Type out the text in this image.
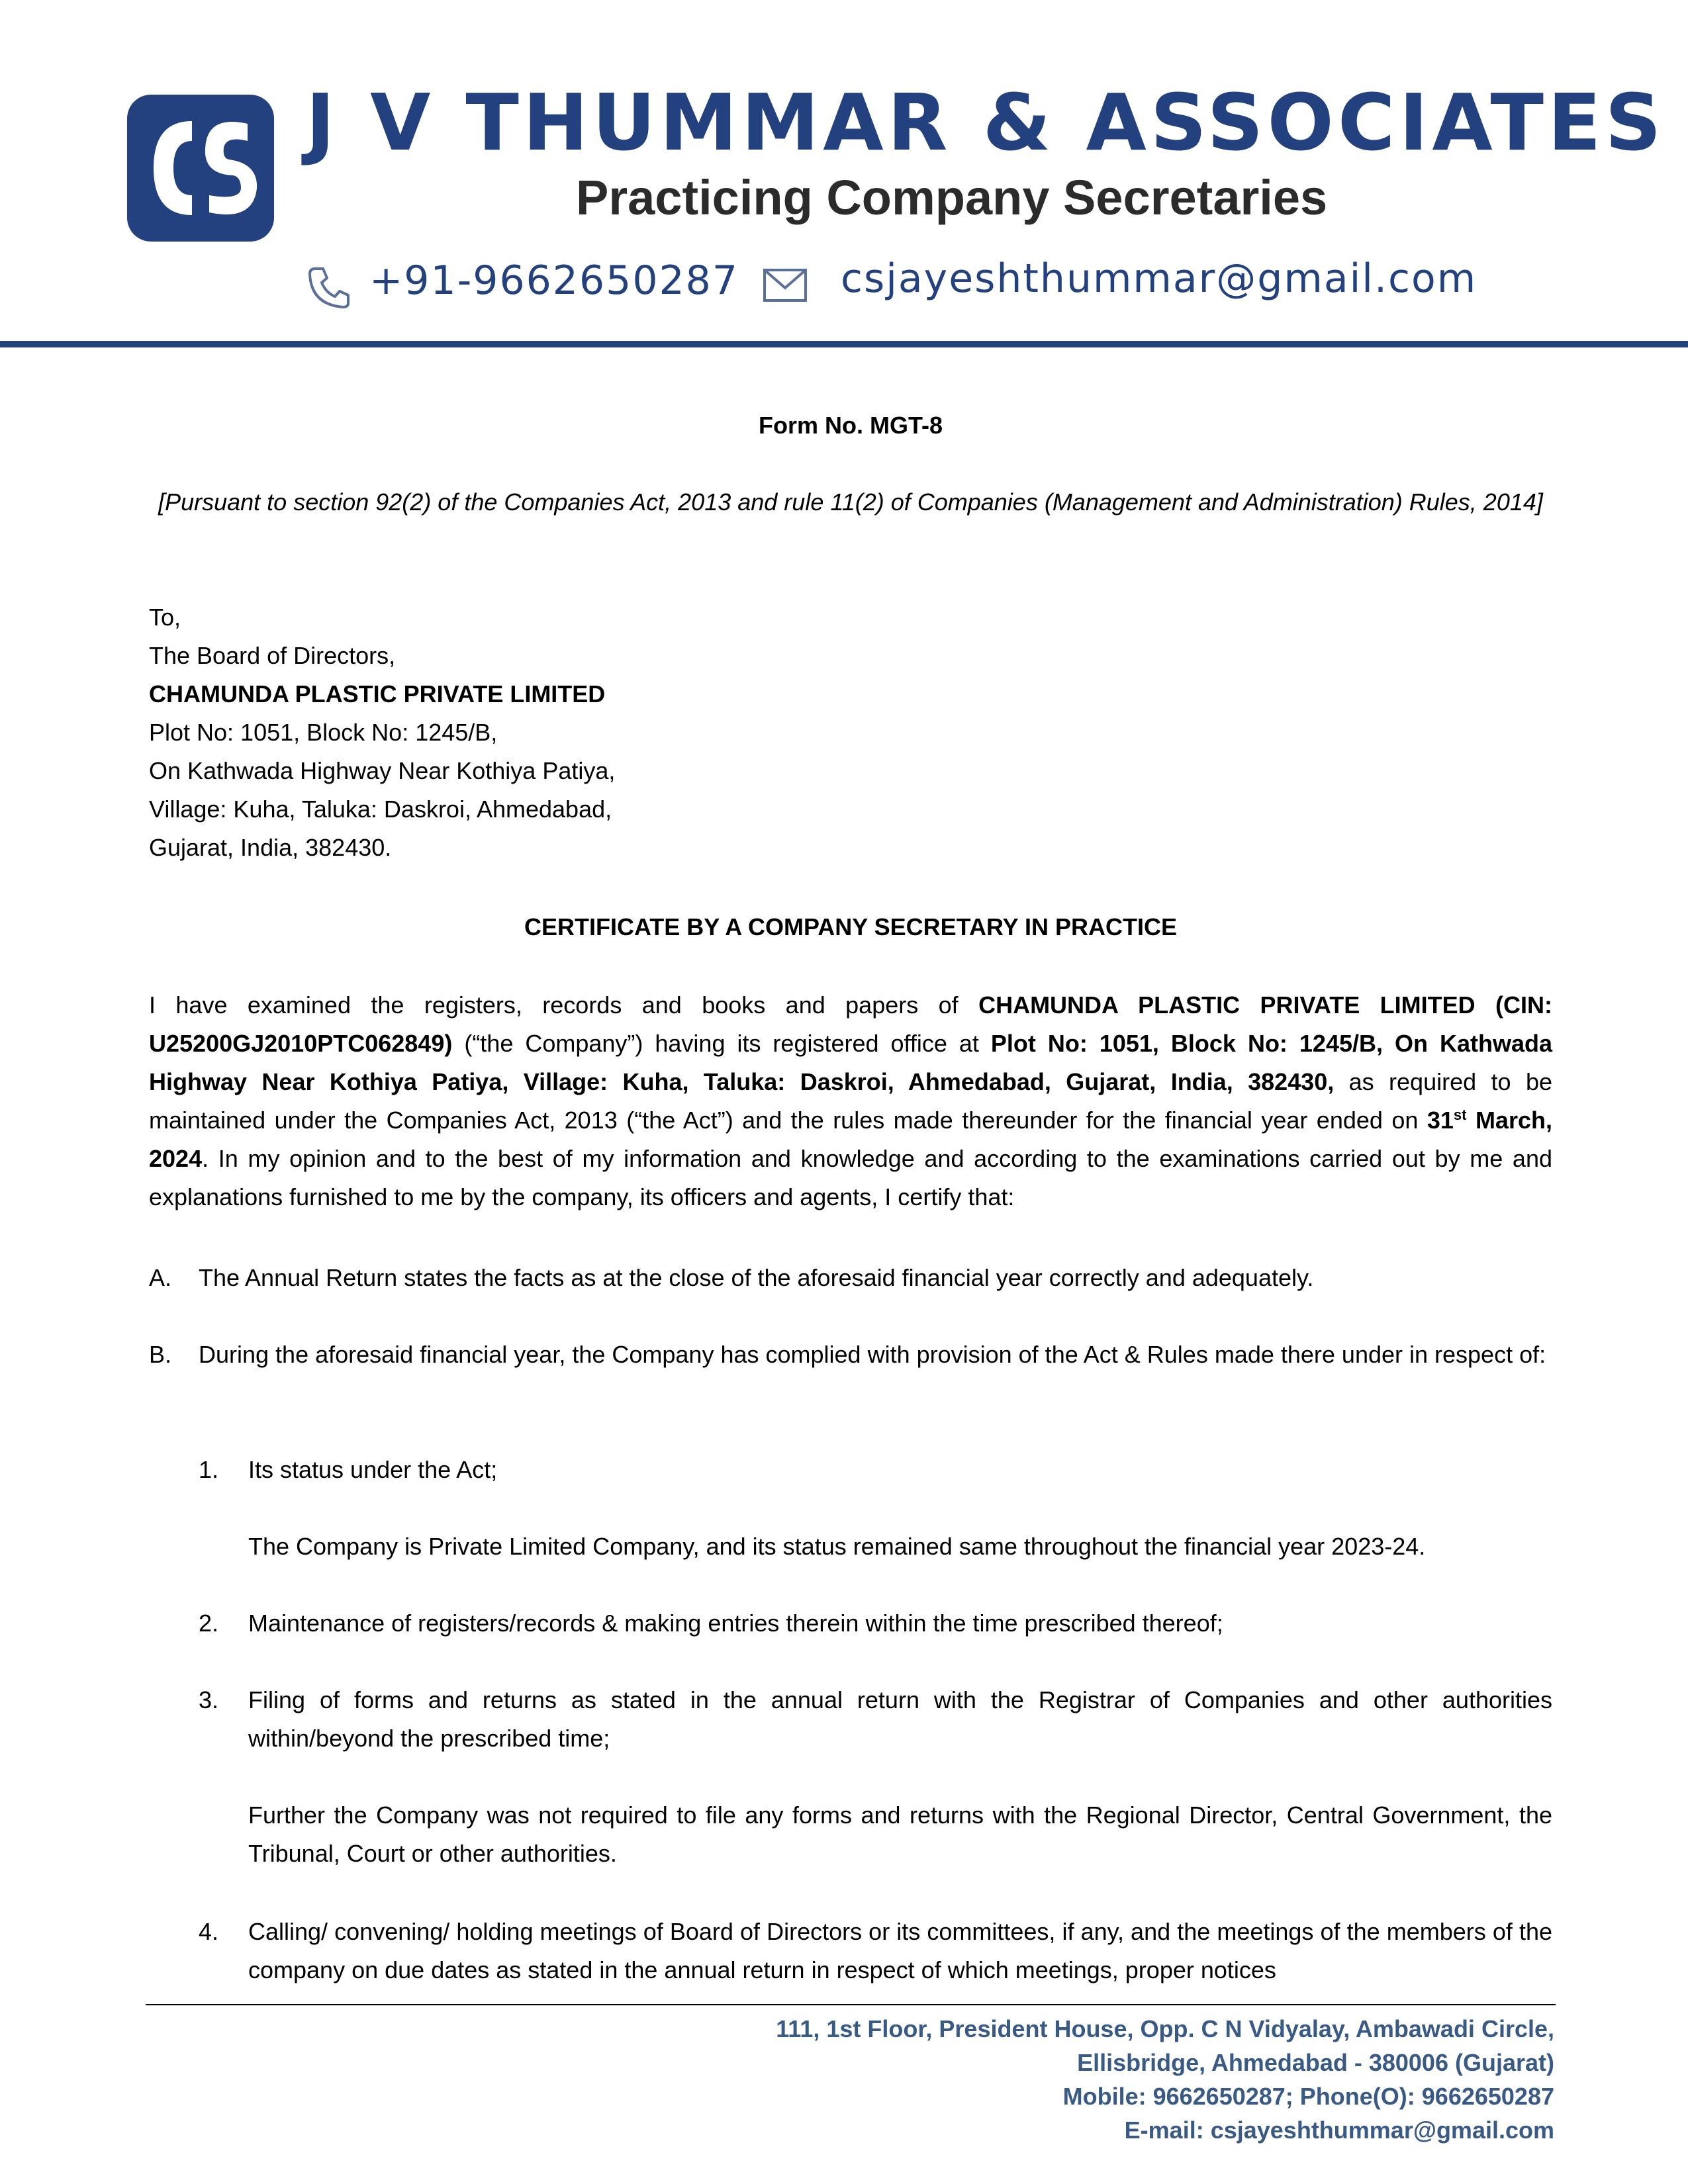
J V THUMMAR & ASSOCIATES
Practicing Company Secretaries
+91-9662650287	csjayeshthummar@gmail.com
Form No. MGT-8
[Pursuant to section 92(2) of the Companies Act, 2013 and rule 11(2) of Companies (Management and Administration) Rules, 2014]
To,
The Board of Directors,
CHAMUNDA PLASTIC PRIVATE LIMITED
Plot No: 1051, Block No: 1245/B,
On Kathwada Highway Near Kothiya Patiya,
Village: Kuha, Taluka: Daskroi, Ahmedabad,
Gujarat, India, 382430.
CERTIFICATE BY A COMPANY SECRETARY IN PRACTICE
I have examined the registers, records and books and papers of CHAMUNDA PLASTIC PRIVATE LIMITED (CIN: U25200GJ2010PTC062849) (“the Company”) having its registered office at Plot No: 1051, Block No: 1245/B, On Kathwada Highway Near Kothiya Patiya, Village: Kuha, Taluka: Daskroi, Ahmedabad, Gujarat, India, 382430, as required to be maintained under the Companies Act, 2013 (“the Act”) and the rules made thereunder for the financial year ended on 31st March, 2024. In my opinion and to the best of my information and knowledge and according to the examinations carried out by me and explanations furnished to me by the company, its officers and agents, I certify that:
A.	The Annual Return states the facts as at the close of the aforesaid financial year correctly and adequately.
B.	During the aforesaid financial year, the Company has complied with provision of the Act & Rules made there under in respect of:
1.	Its status under the Act;
The Company is Private Limited Company, and its status remained same throughout the financial year 2023-24.
2.	Maintenance of registers/records & making entries therein within the time prescribed thereof;
3.	Filing of forms and returns as stated in the annual return with the Registrar of Companies and other authorities within/beyond the prescribed time;
Further the Company was not required to file any forms and returns with the Regional Director, Central Government, the Tribunal, Court or other authorities.
4.	Calling/ convening/ holding meetings of Board of Directors or its committees, if any, and the meetings of the members of the company on due dates as stated in the annual return in respect of which meetings, proper notices
111, 1st Floor, President House, Opp. C N Vidyalay, Ambawadi Circle,
Ellisbridge, Ahmedabad - 380006 (Gujarat)
Mobile: 9662650287; Phone(O): 9662650287
E-mail: csjayeshthummar@gmail.com
